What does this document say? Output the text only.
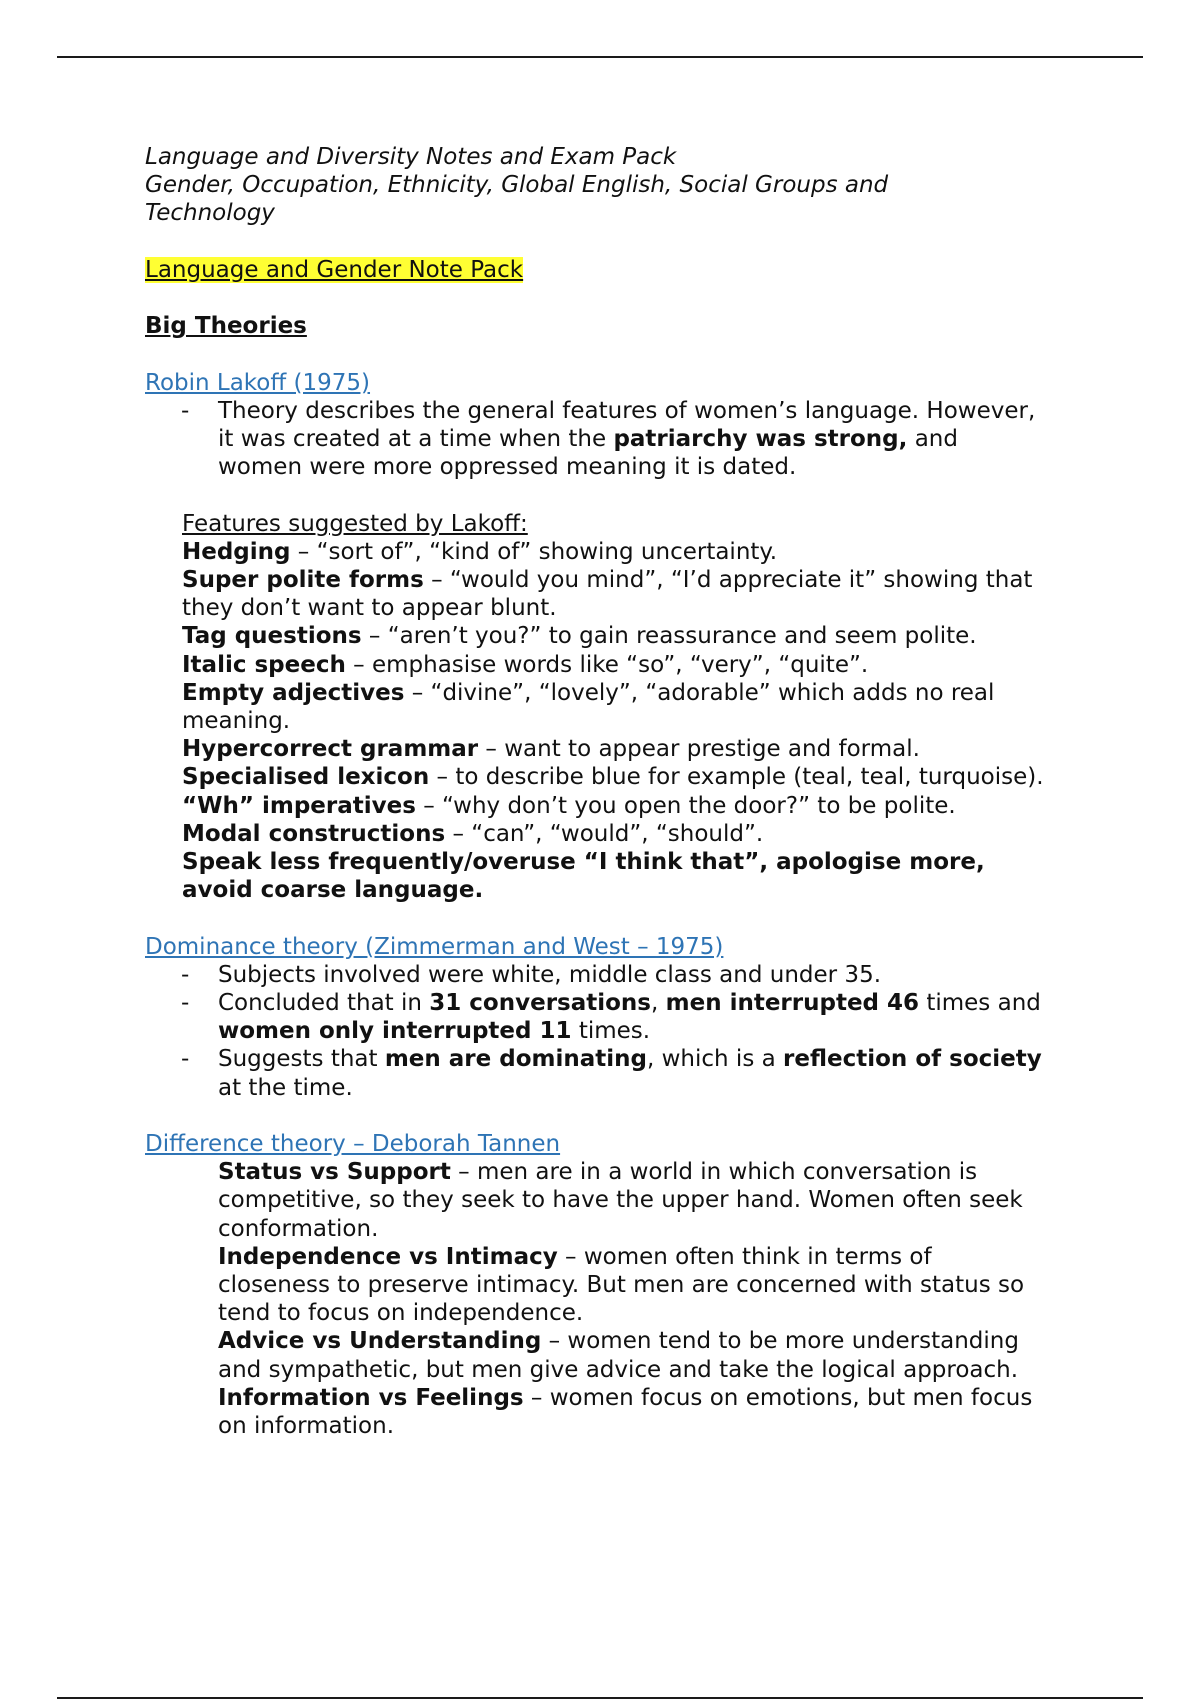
Language and Diversity Notes and Exam Pack

Gender, Occupation, Ethnicity, Global English, Social Groups and

Technology

Language and Gender Note Pack

Big Theories

Robin Lakoff (1975)

- Theory describes the general features of women’s language. However, it was created at a time when the patriarchy was strong, and women were more oppressed meaning it is dated.

Features suggested by Lakoff:

Hedging – “sort of”, “kind of” showing uncertainty.

Super polite forms – “would you mind”, “I’d appreciate it” showing that they don’t want to appear blunt.

Tag questions – “aren’t you?” to gain reassurance and seem polite.

Italic speech – emphasise words like “so”, “very”, “quite”.

Empty adjectives – “divine”, “lovely”, “adorable” which adds no real meaning.

Hypercorrect grammar – want to appear prestige and formal.

Specialised lexicon – to describe blue for example (teal, teal, turquoise).

“Wh” imperatives – “why don’t you open the door?” to be polite.

Modal constructions – “can”, “would”, “should”.

Speak less frequently/overuse “I think that”, apologise more, avoid coarse language.

Dominance theory (Zimmerman and West – 1975)

- Subjects involved were white, middle class and under 35.
- Concluded that in 31 conversations, men interrupted 46 times and women only interrupted 11 times.
- Suggests that men are dominating, which is a reflection of society at the time.

Difference theory – Deborah Tannen

Status vs Support – men are in a world in which conversation is competitive, so they seek to have the upper hand. Women often seek conformation.

Independence vs Intimacy – women often think in terms of closeness to preserve intimacy. But men are concerned with status so tend to focus on independence.

Advice vs Understanding – women tend to be more understanding and sympathetic, but men give advice and take the logical approach.

Information vs Feelings – women focus on emotions, but men focus on information.
